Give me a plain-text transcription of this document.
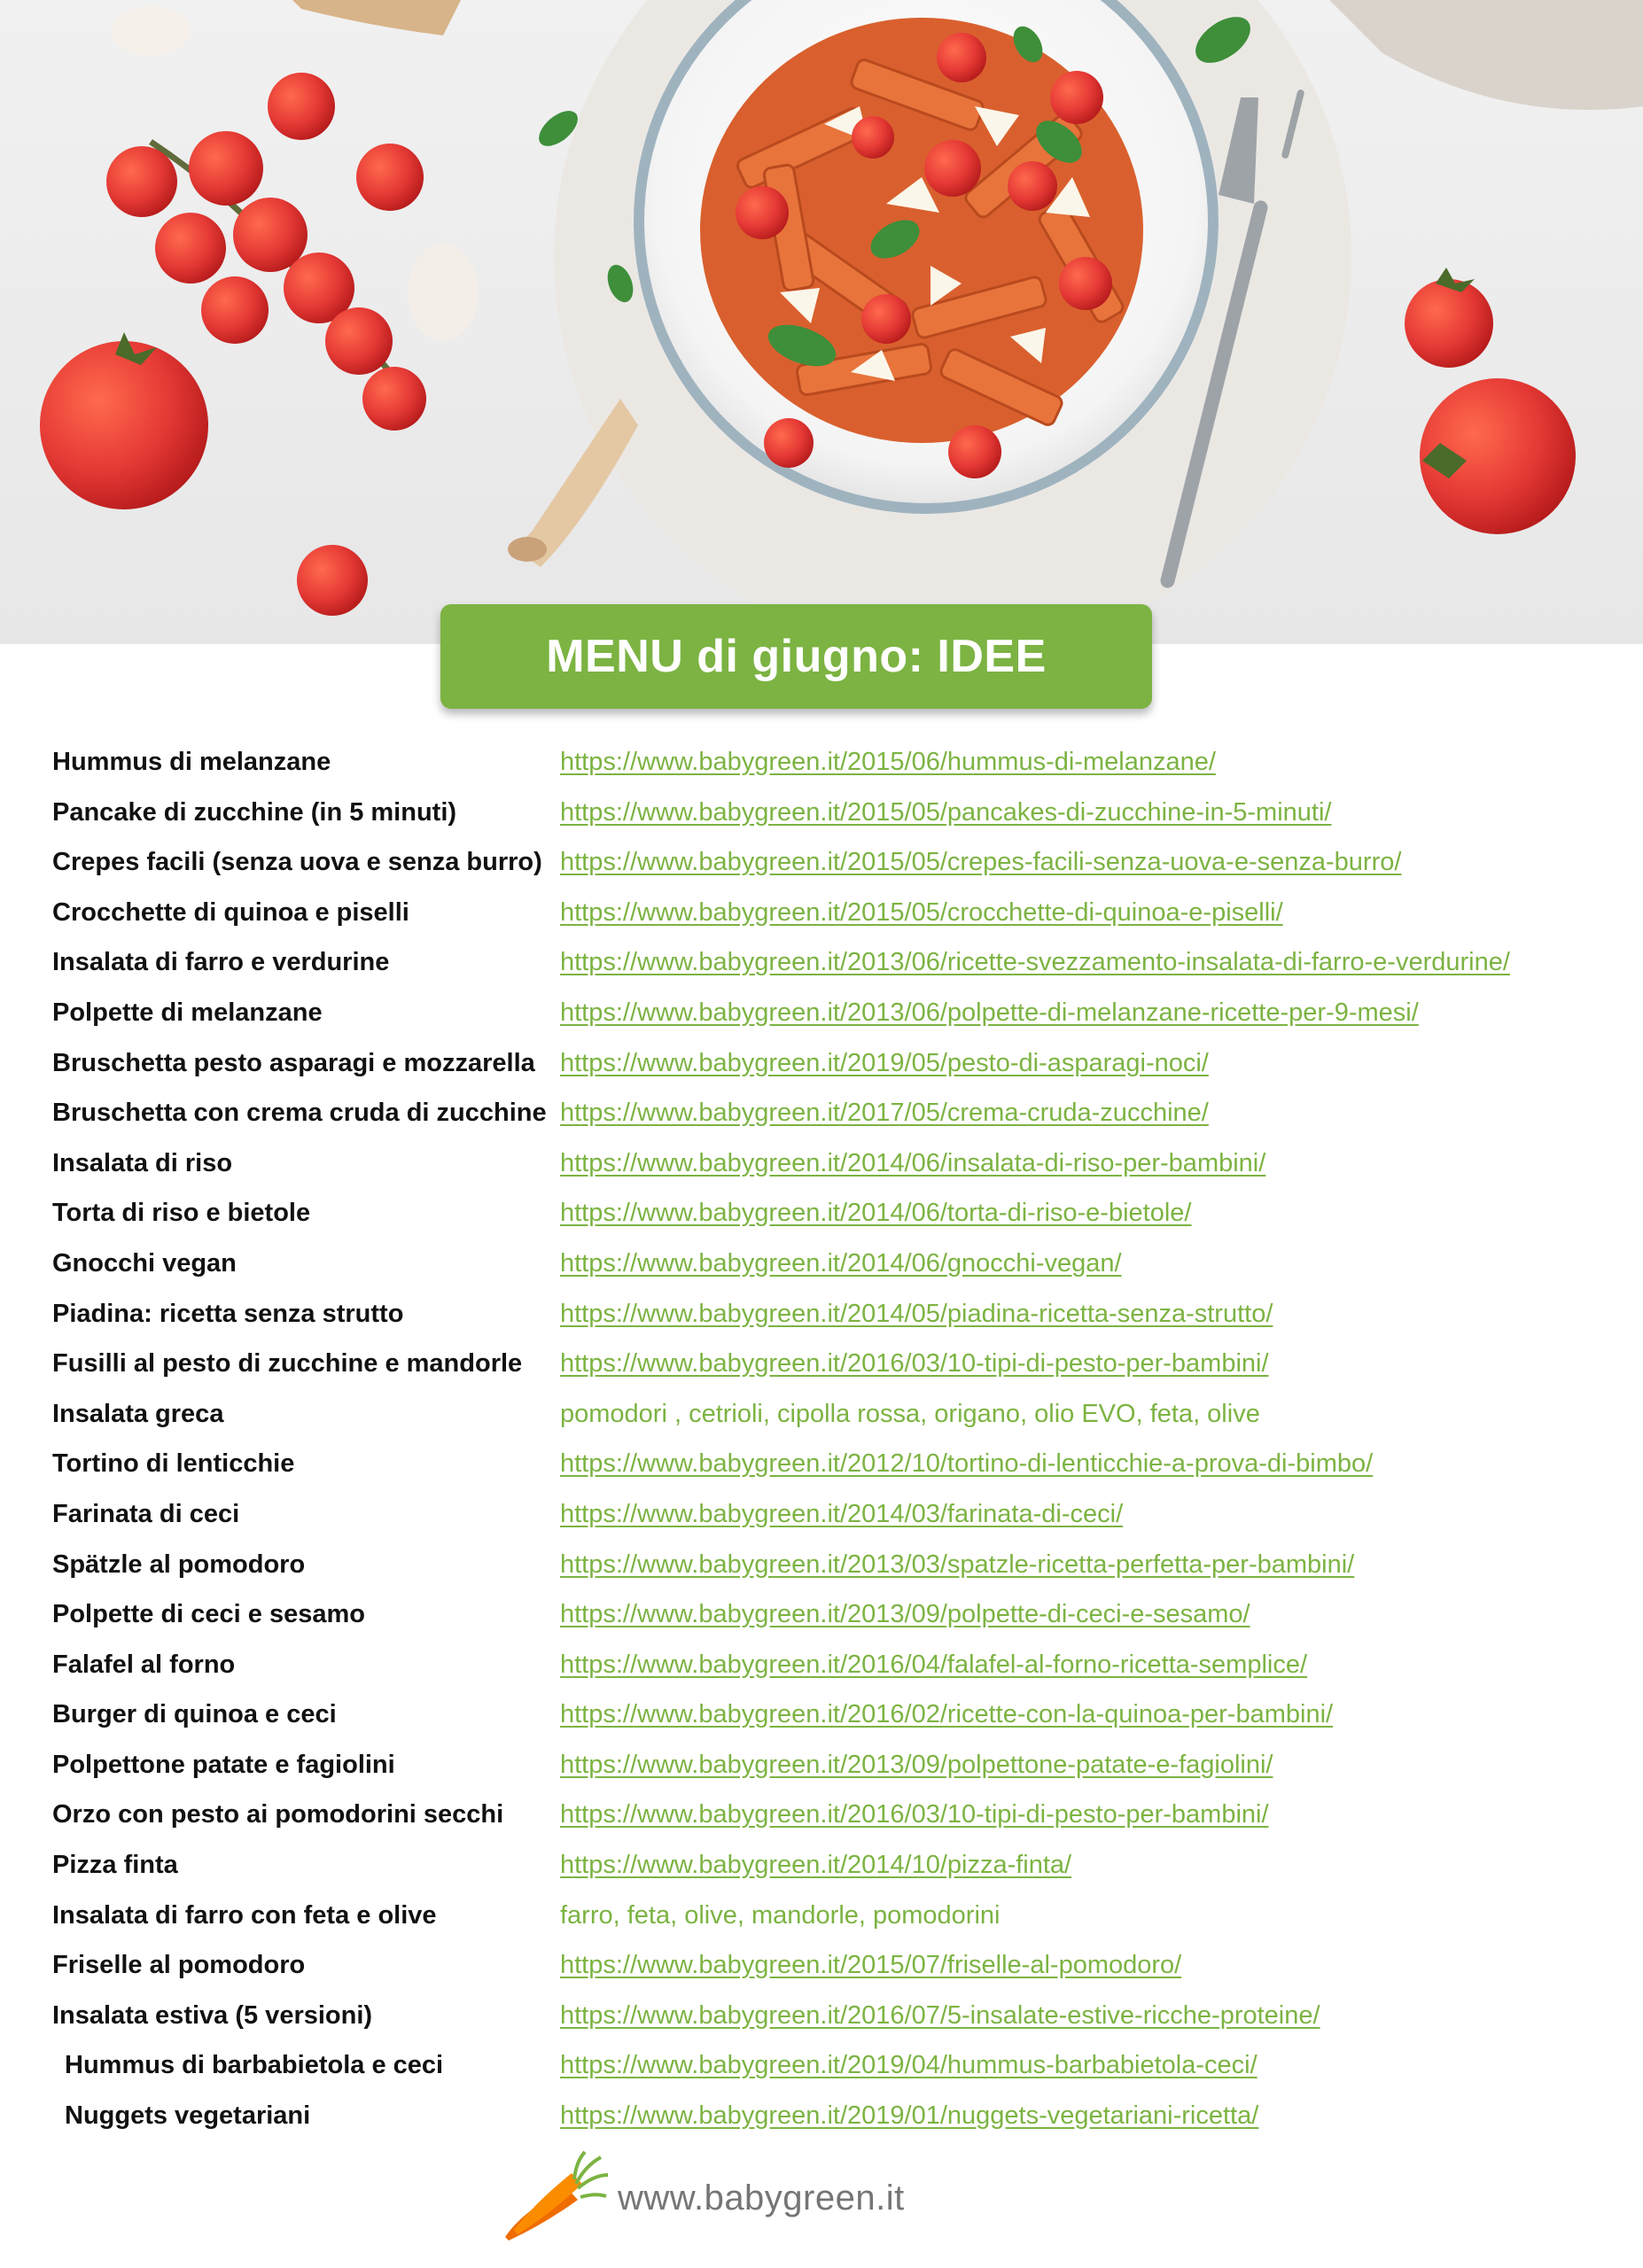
MENU di giugno: IDEE
Hummus di melanzane	https://www.babygreen.it/2015/06/hummus-di-melanzane/
Pancake di zucchine (in 5 minuti)	https://www.babygreen.it/2015/05/pancakes-di-zucchine-in-5-minuti/
Crepes facili (senza uova e senza burro) https://www.babygreen.it/2015/05/crepes-facili-senza-uova-e-senza-burro/
Crocchette di quinoa e piselli	https://www.babygreen.it/2015/05/crocchette-di-quinoa-e-piselli/
Insalata di farro e verdurine	https://www.babygreen.it/2013/06/ricette-svezzamento-insalata-di-farro-e-verdurine/
Polpette di melanzane	https://www.babygreen.it/2013/06/polpette-di-melanzane-ricette-per-9-mesi/
Bruschetta pesto asparagi e mozzarella https://www.babygreen.it/2019/05/pesto-di-asparagi-noci/
Bruschetta con crema cruda di zucchine https://www.babygreen.it/2017/05/crema-cruda-zucchine/
Insalata di riso	https://www.babygreen.it/2014/06/insalata-di-riso-per-bambini/
Torta di riso e bietole	https://www.babygreen.it/2014/06/torta-di-riso-e-bietole/
Gnocchi vegan	https://www.babygreen.it/2014/06/gnocchi-vegan/
Piadina: ricetta senza strutto	https://www.babygreen.it/2014/05/piadina-ricetta-senza-strutto/
Fusilli al pesto di zucchine e mandorle https://www.babygreen.it/2016/03/10-tipi-di-pesto-per-bambini/
Insalata greca	pomodori , cetrioli, cipolla rossa, origano, olio EVO, feta, olive
Tortino di lenticchie	https://www.babygreen.it/2012/10/tortino-di-lenticchie-a-prova-di-bimbo/
Farinata di ceci	https://www.babygreen.it/2014/03/farinata-di-ceci/
Spätzle al pomodoro	https://www.babygreen.it/2013/03/spatzle-ricetta-perfetta-per-bambini/
Polpette di ceci e sesamo	https://www.babygreen.it/2013/09/polpette-di-ceci-e-sesamo/
Falafel al forno	https://www.babygreen.it/2016/04/falafel-al-forno-ricetta-semplice/
Burger di quinoa e ceci	https://www.babygreen.it/2016/02/ricette-con-la-quinoa-per-bambini/
Polpettone patate e fagiolini	https://www.babygreen.it/2013/09/polpettone-patate-e-fagiolini/
Orzo con pesto ai pomodorini secchi https://www.babygreen.it/2016/03/10-tipi-di-pesto-per-bambini/
Pizza finta	https://www.babygreen.it/2014/10/pizza-finta/
Insalata di farro con feta e olive	farro, feta, olive, mandorle, pomodorini
Friselle al pomodoro	https://www.babygreen.it/2015/07/friselle-al-pomodoro/
Insalata estiva (5 versioni)	https://www.babygreen.it/2016/07/5-insalate-estive-ricche-proteine/
Hummus di barbabietola e ceci	https://www.babygreen.it/2019/04/hummus-barbabietola-ceci/
Nuggets vegetariani	https://www.babygreen.it/2019/01/nuggets-vegetariani-ricetta/
www.babygreen.it
